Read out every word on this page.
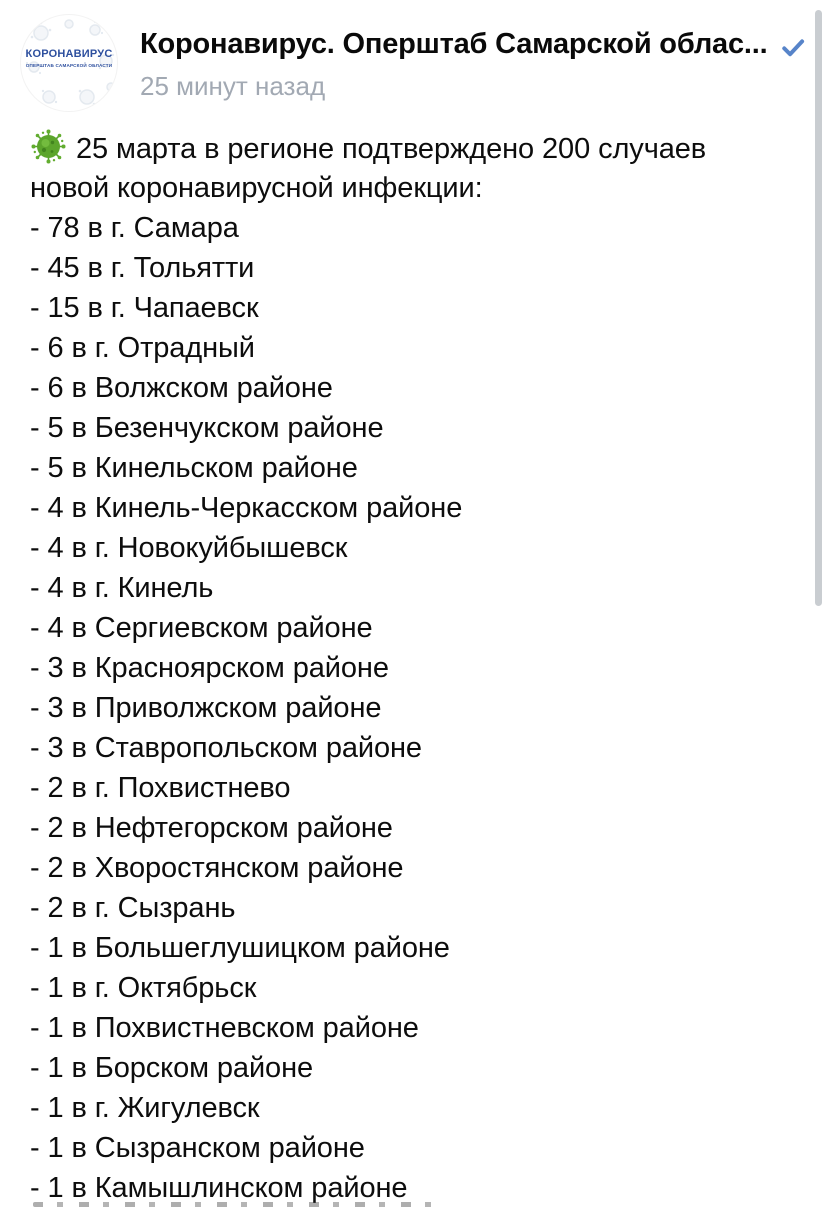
КОРОНАВИРУС
ОПЕРШТАБ САМАРСКОЙ ОБЛАСТИ
Коронавирус. Оперштаб Самарской облас...
25 минут назад
25 марта в регионе подтверждено 200 случаев
новой коронавирусной инфекции:
- 78 в г. Самара
- 45 в г. Тольятти
- 15 в г. Чапаевск
- 6 в г. Отрадный
- 6 в Волжском районе
- 5 в Безенчукском районе
- 5 в Кинельском районе
- 4 в Кинель-Черкасском районе
- 4 в г. Новокуйбышевск
- 4 в г. Кинель
- 4 в Сергиевском районе
- 3 в Красноярском районе
- 3 в Приволжском районе
- 3 в Ставропольском районе
- 2 в г. Похвистнево
- 2 в Нефтегорском районе
- 2 в Хворостянском районе
- 2 в г. Сызрань
- 1 в Большеглушицком районе
- 1 в г. Октябрьск
- 1 в Похвистневском районе
- 1 в Борском районе
- 1 в г. Жигулевск
- 1 в Сызранском районе
- 1 в Камышлинском районе
